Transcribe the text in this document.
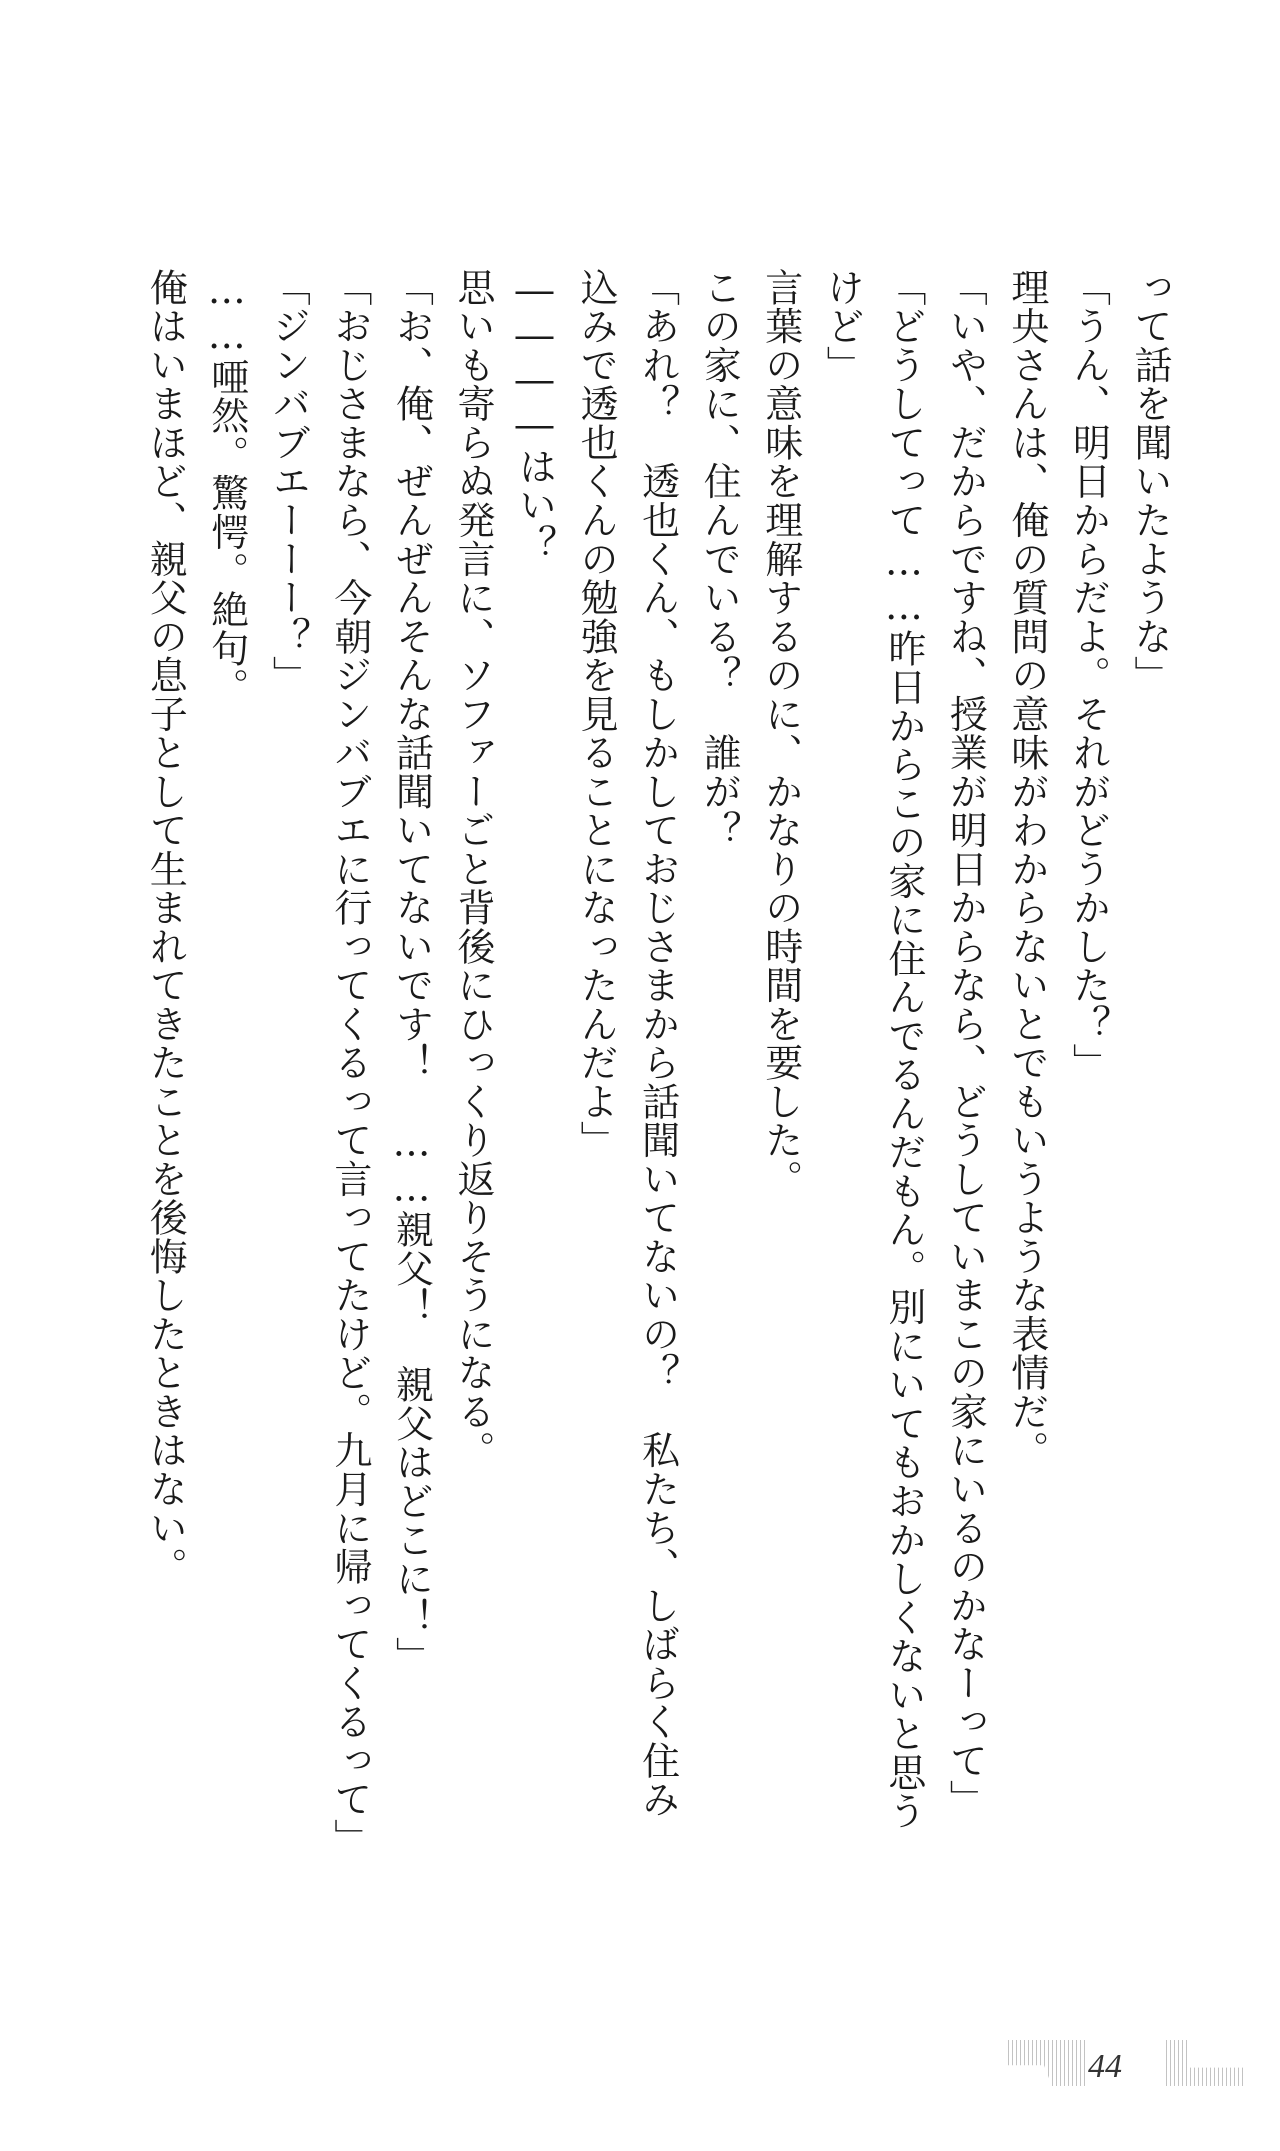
って話を聞いたような」
「うん、明日からだよ。それがどうかした？」
理央さんは、俺の質問の意味がわからないとでもいうような表情だ。
「いや、だからですね、授業が明日からなら、どうしていまこの家にいるのかなーって」
「どうしてって……昨日からこの家に住んでるんだもん。別にいてもおかしくないと思う
けど」
言葉の意味を理解するのに、かなりの時間を要した。
この家に、住んでいる？　誰が？
「あれ？　透也くん、もしかしておじさまから話聞いてないの？　私たち、しばらく住み
込みで透也くんの勉強を見ることになったんだよ」
――――はい？
思いも寄らぬ発言に、ソファーごと背後にひっくり返りそうになる。
「お、俺、ぜんぜんそんな話聞いてないです！　……親父！　親父はどこに！」
「おじさまなら、今朝ジンバブエに行ってくるって言ってたけど。九月に帰ってくるって」
「ジンバブエーーー？」
……唖然。驚愕。絶句。
俺はいまほど、親父の息子として生まれてきたことを後悔したときはない。
44
